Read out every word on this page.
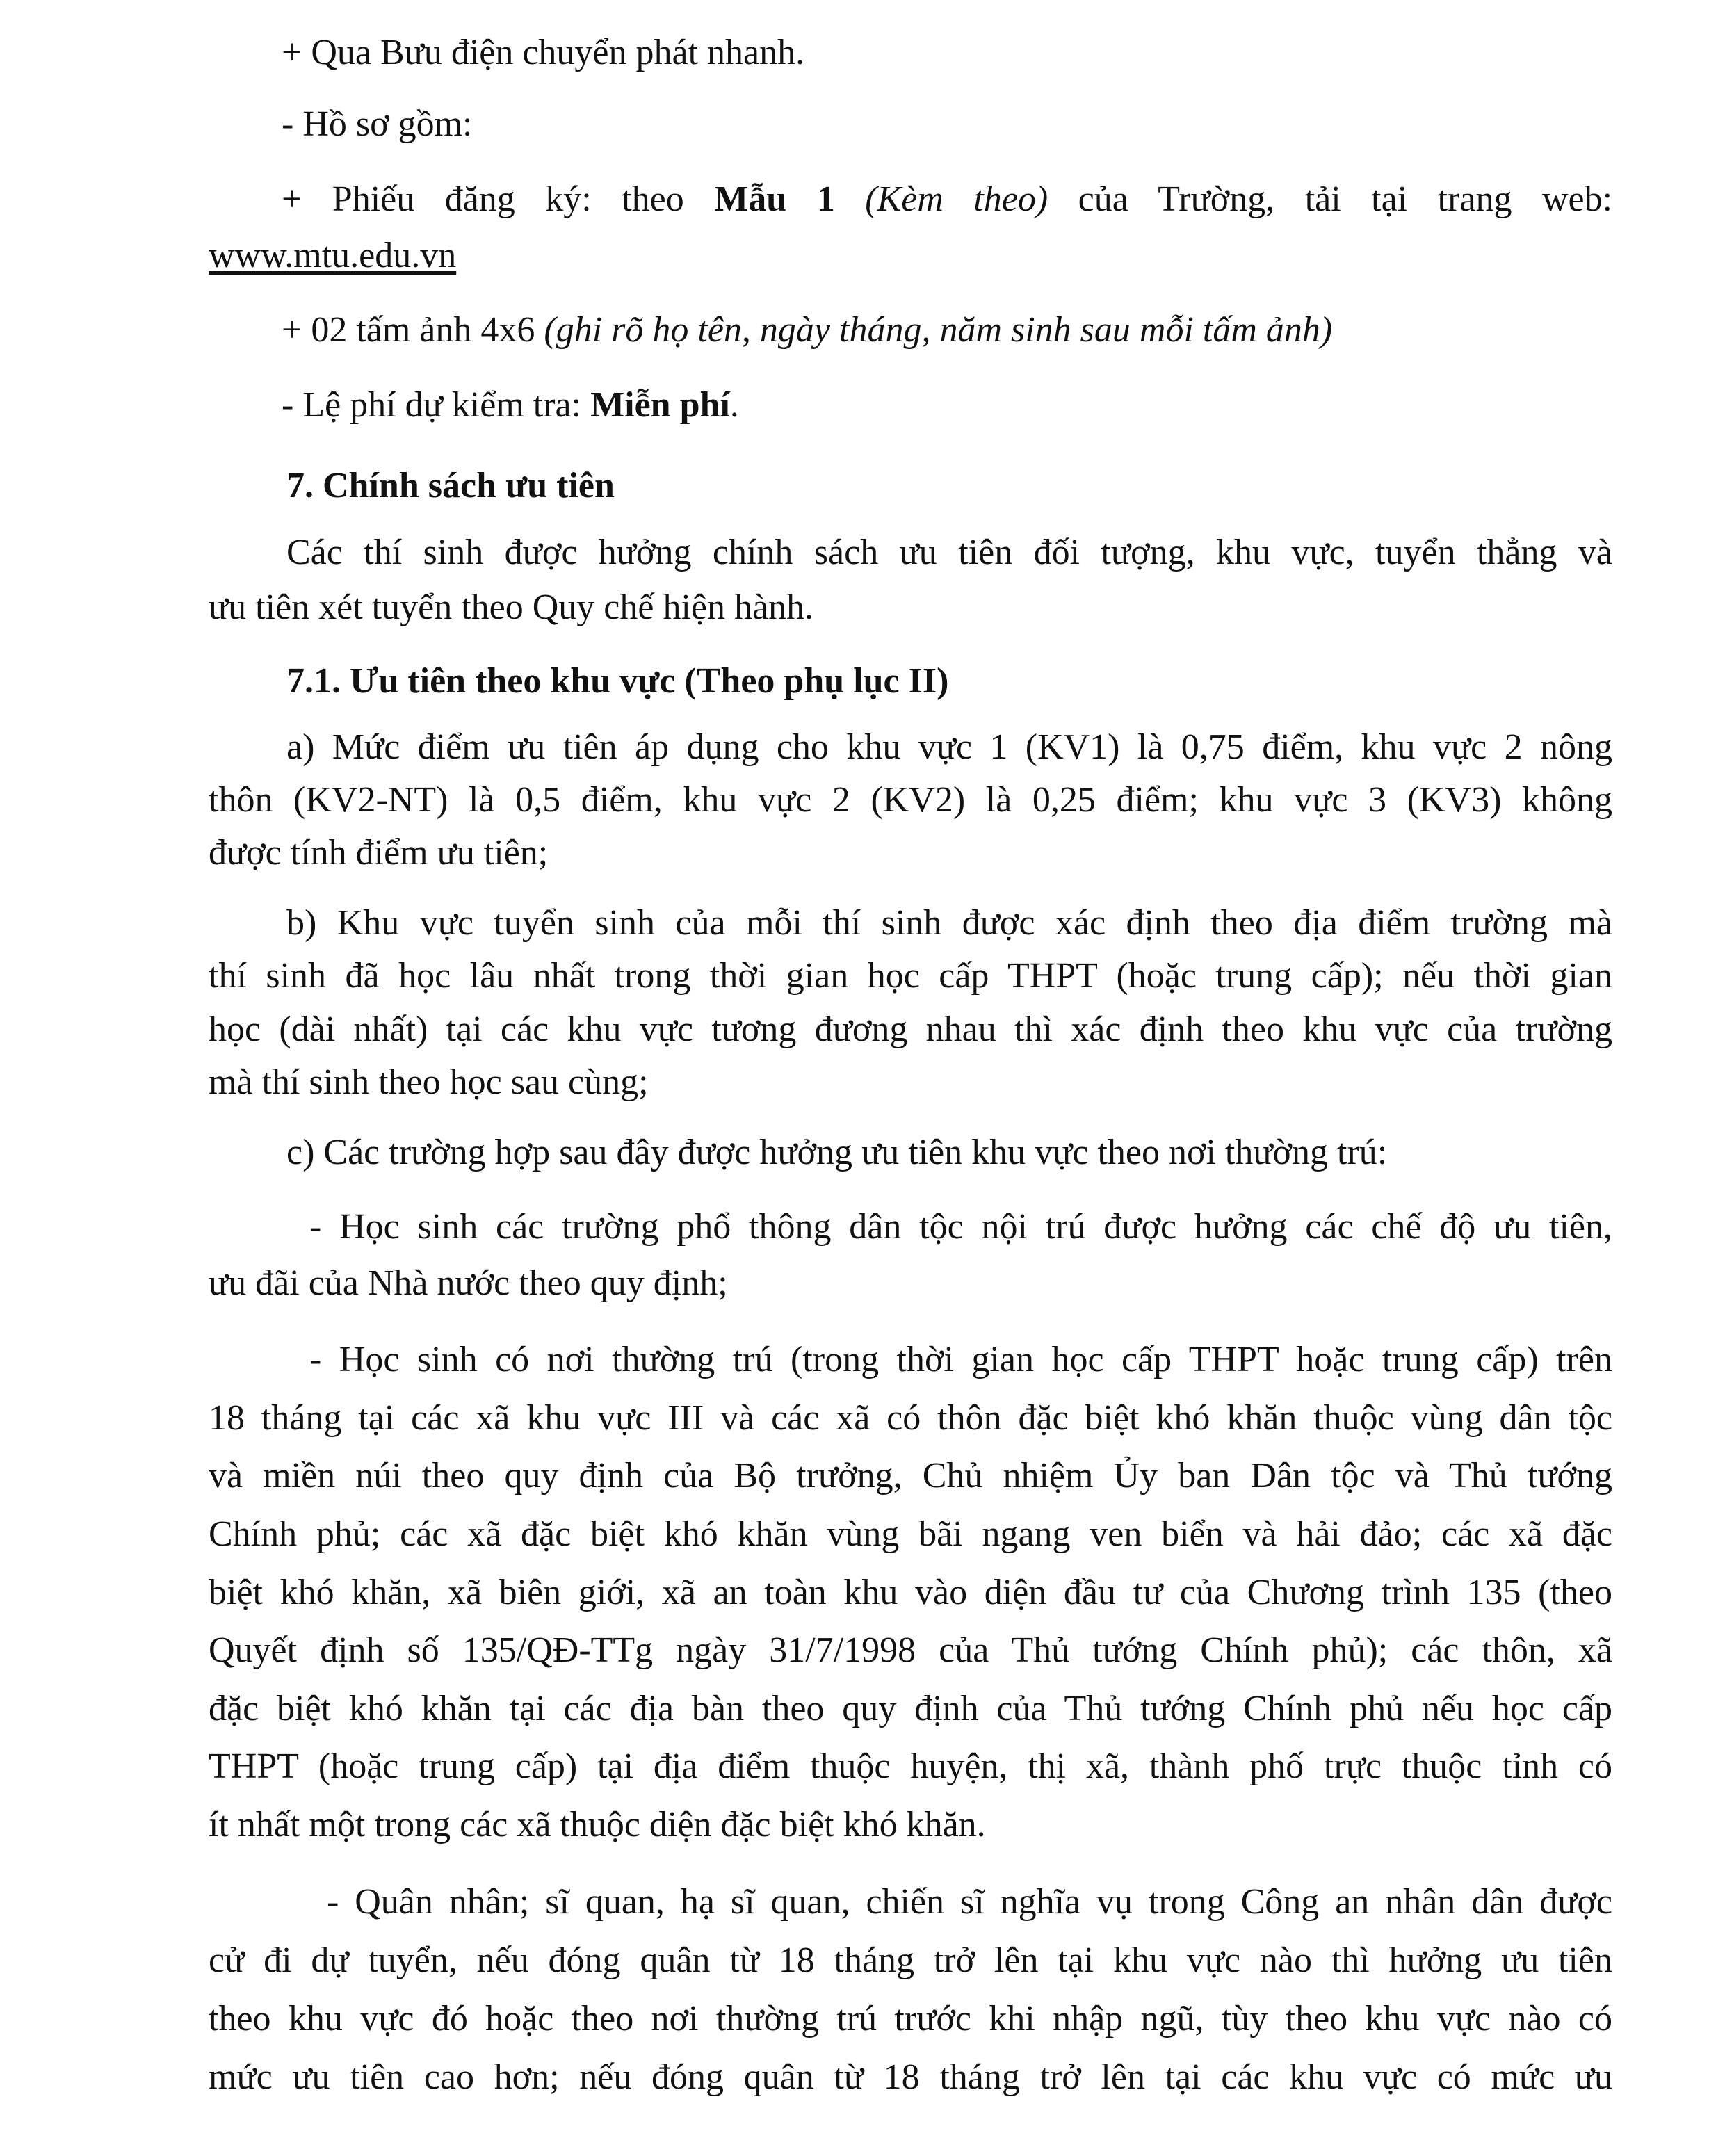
+ Qua Bưu điện chuyển phát nhanh.
- Hồ sơ gồm:
+ Phiếu đăng ký: theo Mẫu 1 (Kèm theo) của Trường, tải tại trang web:
www.mtu.edu.vn
+ 02 tấm ảnh 4x6 (ghi rõ họ tên, ngày tháng, năm sinh sau mỗi tấm ảnh)
- Lệ phí dự kiểm tra: Miễn phí.
7. Chính sách ưu tiên
Các thí sinh được hưởng chính sách ưu tiên đối tượng, khu vực, tuyển thẳng và
ưu tiên xét tuyển theo Quy chế hiện hành.
7.1. Ưu tiên theo khu vực (Theo phụ lục II)
a) Mức điểm ưu tiên áp dụng cho khu vực 1 (KV1) là 0,75 điểm, khu vực 2 nông
thôn (KV2-NT) là 0,5 điểm, khu vực 2 (KV2) là 0,25 điểm; khu vực 3 (KV3) không
được tính điểm ưu tiên;
b) Khu vực tuyển sinh của mỗi thí sinh được xác định theo địa điểm trường mà
thí sinh đã học lâu nhất trong thời gian học cấp THPT (hoặc trung cấp); nếu thời gian
học (dài nhất) tại các khu vực tương đương nhau thì xác định theo khu vực của trường
mà thí sinh theo học sau cùng;
c) Các trường hợp sau đây được hưởng ưu tiên khu vực theo nơi thường trú:
- Học sinh các trường phổ thông dân tộc nội trú được hưởng các chế độ ưu tiên,
ưu đãi của Nhà nước theo quy định;
- Học sinh có nơi thường trú (trong thời gian học cấp THPT hoặc trung cấp) trên
18 tháng tại các xã khu vực III và các xã có thôn đặc biệt khó khăn thuộc vùng dân tộc
và miền núi theo quy định của Bộ trưởng, Chủ nhiệm Ủy ban Dân tộc và Thủ tướng
Chính phủ; các xã đặc biệt khó khăn vùng bãi ngang ven biển và hải đảo; các xã đặc
biệt khó khăn, xã biên giới, xã an toàn khu vào diện đầu tư của Chương trình 135 (theo
Quyết định số 135/QĐ-TTg ngày 31/7/1998 của Thủ tướng Chính phủ); các thôn, xã
đặc biệt khó khăn tại các địa bàn theo quy định của Thủ tướng Chính phủ nếu học cấp
THPT (hoặc trung cấp) tại địa điểm thuộc huyện, thị xã, thành phố trực thuộc tỉnh có
ít nhất một trong các xã thuộc diện đặc biệt khó khăn.
- Quân nhân; sĩ quan, hạ sĩ quan, chiến sĩ nghĩa vụ trong Công an nhân dân được
cử đi dự tuyển, nếu đóng quân từ 18 tháng trở lên tại khu vực nào thì hưởng ưu tiên
theo khu vực đó hoặc theo nơi thường trú trước khi nhập ngũ, tùy theo khu vực nào có
mức ưu tiên cao hơn; nếu đóng quân từ 18 tháng trở lên tại các khu vực có mức ưu
